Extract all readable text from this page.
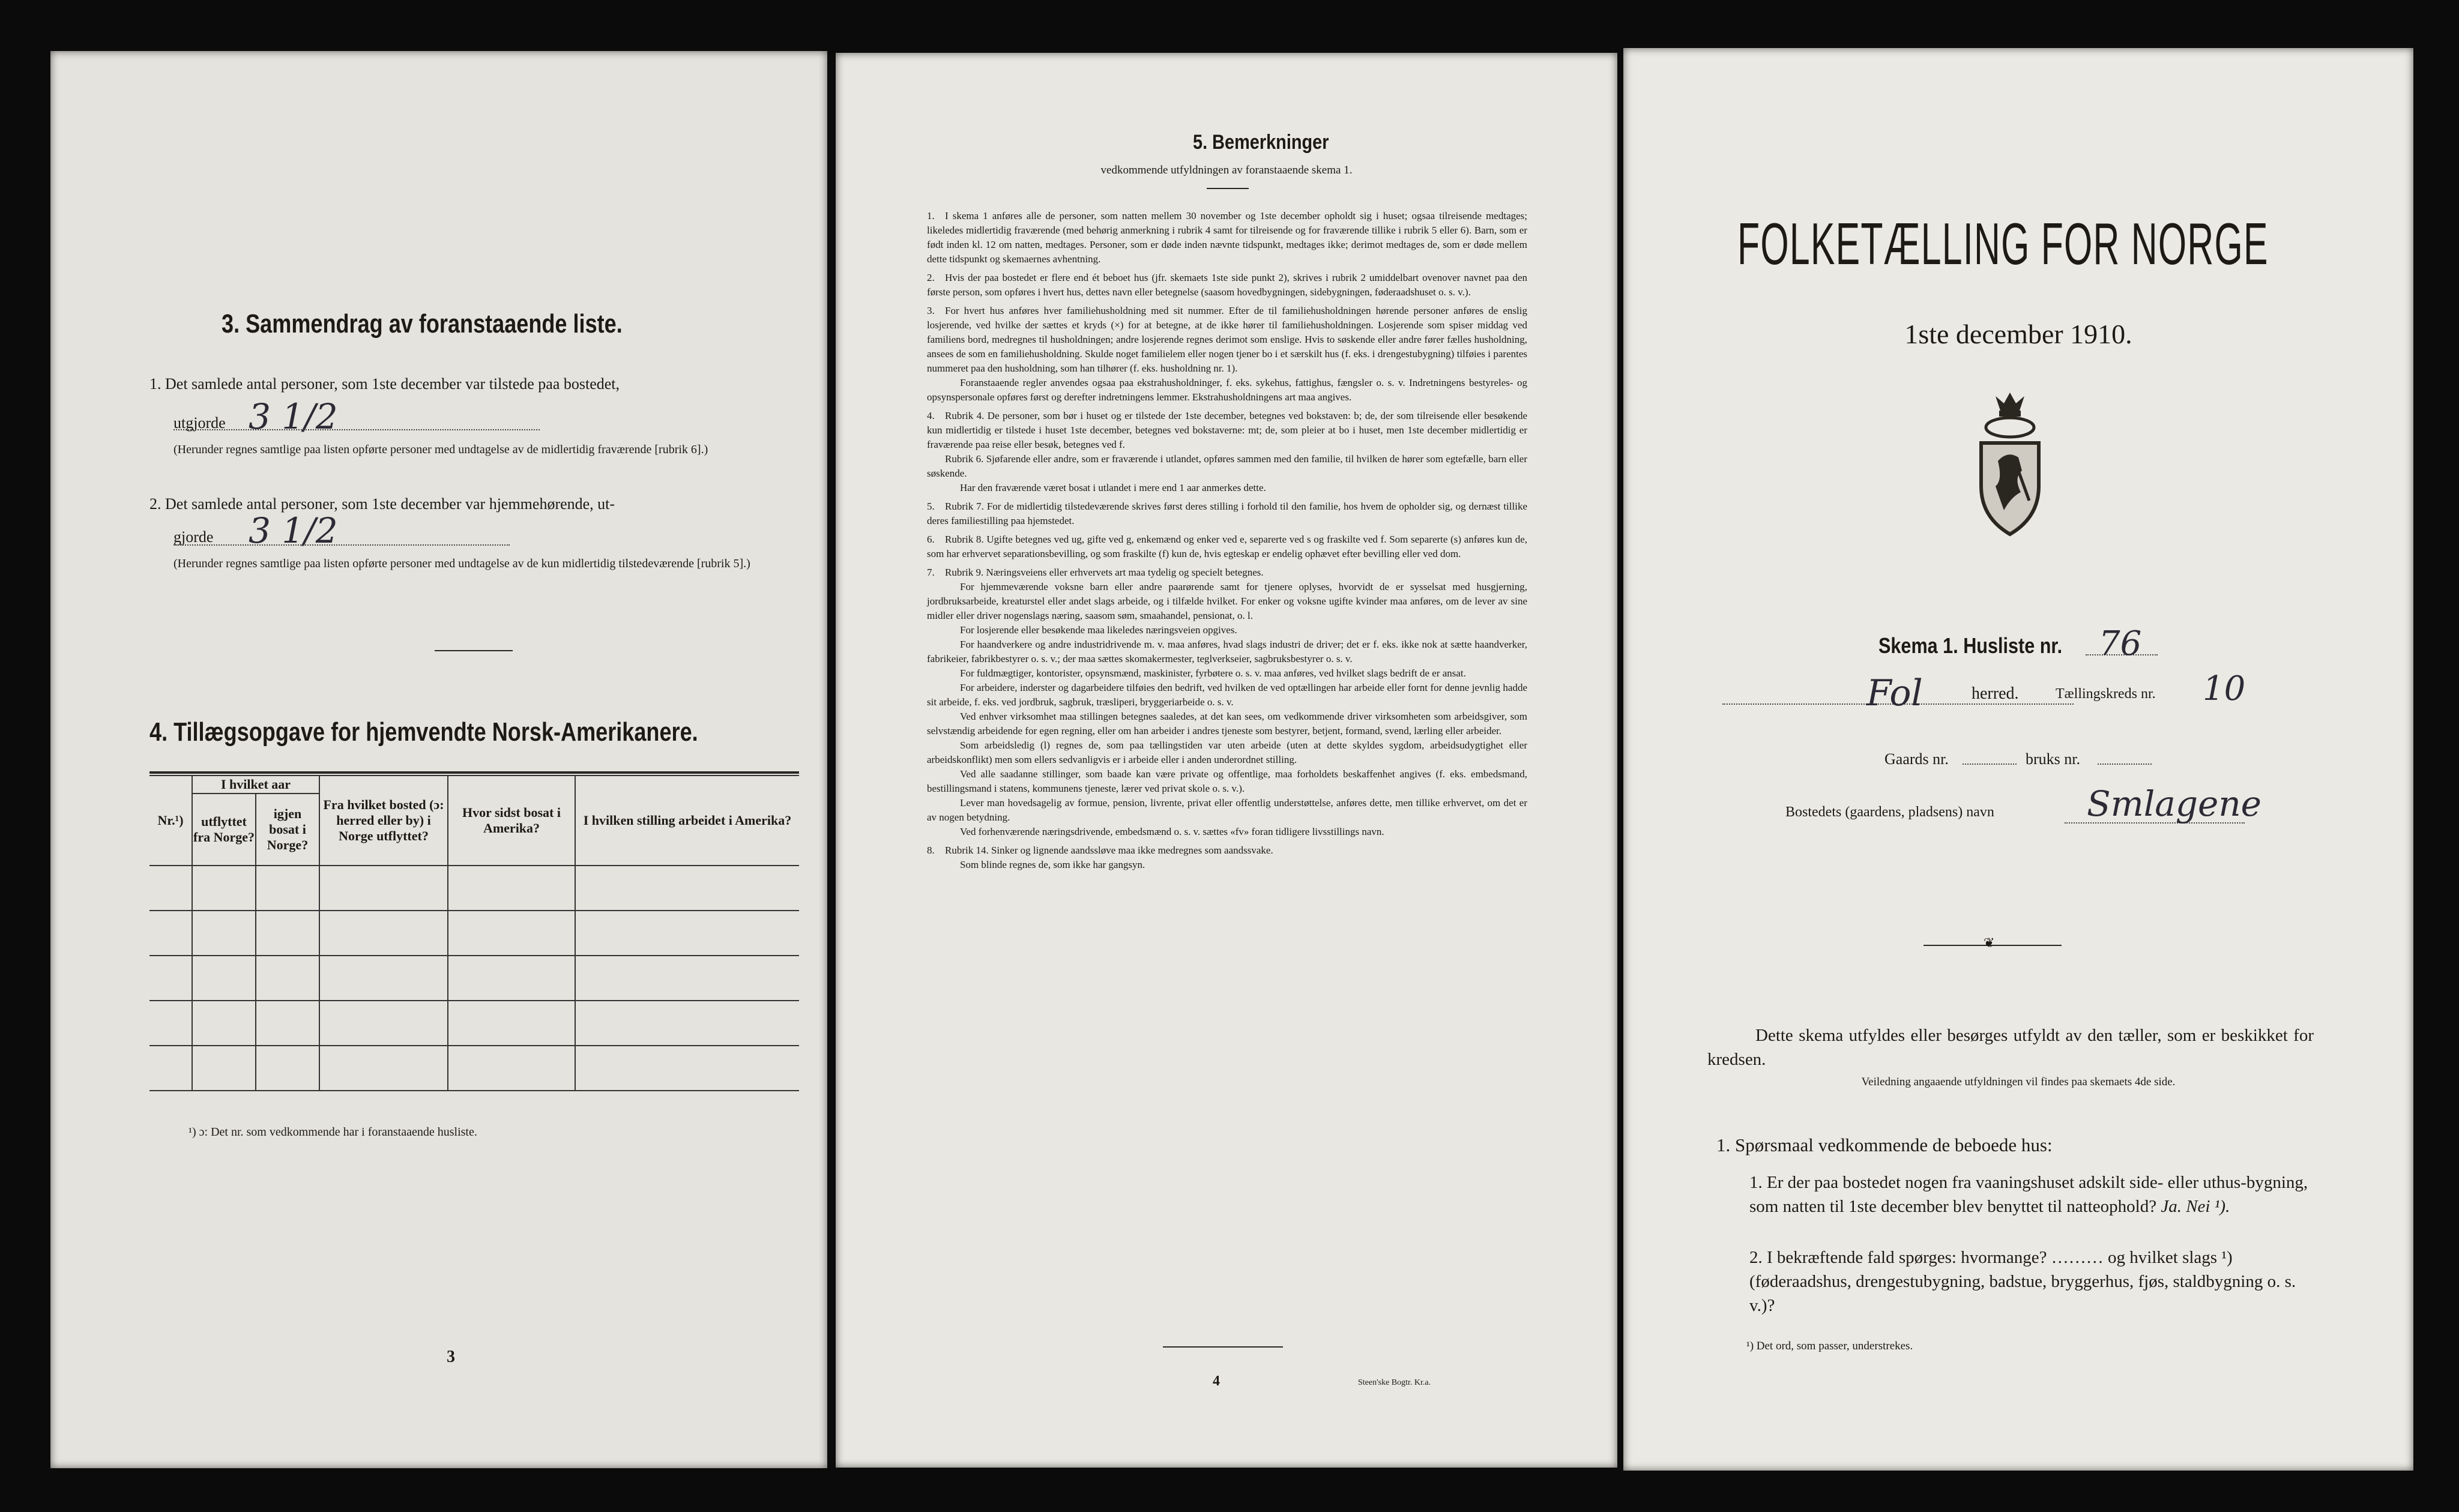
3. Sammendrag av foranstaaende liste.
1. Det samlede antal personer, som 1ste december var tilstede paa bostedet,
utgjorde 3 1/2
(Herunder regnes samtlige paa listen opførte personer med undtagelse av de midlertidig fraværende [rubrik 6].)
2. Det samlede antal personer, som 1ste december var hjemmehørende, ut-
gjorde 3 1/2
(Herunder regnes samtlige paa listen opførte personer med undtagelse av de kun midlertidig tilstedeværende [rubrik 5].)
4. Tillægsopgave for hjemvendte Norsk-Amerikanere.
Nr.¹)	I hvilket aar		Fra hvilket bosted (ɔ: herred eller by) i Norge utflyttet?	Hvor sidst bosat i Amerika?	I hvilken stilling arbeidet i Amerika?
	utflyttet fra Norge?	igjen bosat i Norge?			

¹) ɔ: Det nr. som vedkommende har i foranstaaende husliste.
3
5. Bemerkninger
vedkommende utfyldningen av foranstaaende skema 1.

1. I skema 1 anføres alle de personer, som natten mellem 30 november og 1ste december opholdt sig i huset; ogsaa tilreisende medtages; likeledes midlertidig fraværende (med behørig anmerkning i rubrik 4 samt for tilreisende og for fraværende tillike i rubrik 5 eller 6). Barn, som er født inden kl. 12 om natten, medtages. Personer, som er døde inden nævnte tidspunkt, medtages ikke; derimot medtages de, som er døde mellem dette tidspunkt og skemaernes avhentning.

2. Hvis der paa bostedet er flere end ét beboet hus (jfr. skemaets 1ste side punkt 2), skrives i rubrik 2 umiddelbart ovenover navnet paa den første person, som opføres i hvert hus, dettes navn eller betegnelse (saasom hovedbygningen, sidebygningen, føderaadshuset o. s. v.).

3. For hvert hus anføres hver familiehusholdning med sit nummer. Efter de til familiehusholdningen hørende personer anføres de enslig losjerende, ved hvilke der sættes et kryds (×) for at betegne, at de ikke hører til familiehusholdningen. Losjerende som spiser middag ved familiens bord, medregnes til husholdningen; andre losjerende regnes derimot som enslige. Hvis to søskende eller andre fører fælles husholdning, ansees de som en familiehusholdning. Skulde noget familielem eller nogen tjener bo i et særskilt hus (f. eks. i drengestubygning) tilføies i parentes nummeret paa den husholdning, som han tilhører (f. eks. husholdning nr. 1).

Foranstaaende regler anvendes ogsaa paa ekstrahusholdninger, f. eks. sykehus, fattighus, fængsler o. s. v. Indretningens bestyreles- og opsynspersonale opføres først og derefter indretningens lemmer. Ekstrahusholdningens art maa angives.

4. Rubrik 4. De personer, som bør i huset og er tilstede der 1ste december, betegnes ved bokstaven: b; de, der som tilreisende eller besøkende kun midlertidig er tilstede i huset 1ste december, betegnes ved bokstaverne: mt; de, som pleier at bo i huset, men 1ste december midlertidig er fraværende paa reise eller besøk, betegnes ved f.

Rubrik 6. Sjøfarende eller andre, som er fraværende i utlandet, opføres sammen med den familie, til hvilken de hører som egtefælle, barn eller søskende.

Har den fraværende været bosat i utlandet i mere end 1 aar anmerkes dette.

5. Rubrik 7. For de midlertidig tilstedeværende skrives først deres stilling i forhold til den familie, hos hvem de opholder sig, og dernæst tillike deres familiestilling paa hjemstedet.

6. Rubrik 8. Ugifte betegnes ved ug, gifte ved g, enkemænd og enker ved e, separerte ved s og fraskilte ved f. Som separerte (s) anføres kun de, som har erhvervet separationsbevilling, og som fraskilte (f) kun de, hvis egteskap er endelig ophævet efter bevilling eller ved dom.

7. Rubrik 9. Næringsveiens eller erhvervets art maa tydelig og specielt betegnes.

For hjemmeværende voksne barn eller andre paarørende samt for tjenere oplyses, hvorvidt de er sysselsat med husgjerning, jordbruksarbeide, kreaturstel eller andet slags arbeide, og i tilfælde hvilket. For enker og voksne ugifte kvinder maa anføres, om de lever av sine midler eller driver nogenslags næring, saasom søm, smaahandel, pensionat, o. l.

For losjerende eller besøkende maa likeledes næringsveien opgives.

For haandverkere og andre industridrivende m. v. maa anføres, hvad slags industri de driver; det er f. eks. ikke nok at sætte haandverker, fabrikeier, fabrikbestyrer o. s. v.; der maa sættes skomakermester, teglverkseier, sagbruksbestyrer o. s. v.

For fuldmægtiger, kontorister, opsynsmænd, maskinister, fyrbøtere o. s. v. maa anføres, ved hvilket slags bedrift de er ansat.

For arbeidere, inderster og dagarbeidere tilføies den bedrift, ved hvilken de ved optællingen har arbeide eller fornt for denne jevnlig hadde sit arbeide, f. eks. ved jordbruk, sagbruk, træsliperi, bryggeriarbeide o. s. v.

Ved enhver virksomhet maa stillingen betegnes saaledes, at det kan sees, om vedkommende driver virksomheten som arbeidsgiver, som selvstændig arbeidende for egen regning, eller om han arbeider i andres tjeneste som bestyrer, betjent, formand, svend, lærling eller arbeider.

Som arbeidsledig (l) regnes de, som paa tællingstiden var uten arbeide (uten at dette skyldes sygdom, arbeidsudygtighet eller arbeidskonflikt) men som ellers sedvanligvis er i arbeide eller i anden underordnet stilling.

Ved alle saadanne stillinger, som baade kan være private og offentlige, maa forholdets beskaffenhet angives (f. eks. embedsmand, bestillingsmand i statens, kommunens tjeneste, lærer ved privat skole o. s. v.).

Lever man hovedsagelig av formue, pension, livrente, privat eller offentlig understøttelse, anføres dette, men tillike erhvervet, om det er av nogen betydning.

Ved forhenværende næringsdrivende, embedsmænd o. s. v. sættes «fv» foran tidligere livsstillings navn.

8. Rubrik 14. Sinker og lignende aandssløve maa ikke medregnes som aandssvake.

Som blinde regnes de, som ikke har gangsyn.

4	Steen'ske Bogtr. Kr.a.
FOLKETÆLLING FOR NORGE
1ste december 1910.
Skema 1. Husliste nr. 76
Fol	herred.	Tællingskreds nr. 10
Gaards nr.	bruks nr.
Bostedets (gaardens, pladsens) navn	Smlagene
❦
Dette skema utfyldes eller besørges utfyldt av den tæller, som er beskikket for kredsen.
Veiledning angaaende utfyldningen vil findes paa skemaets 4de side.
1. Spørsmaal vedkommende de beboede hus:
1. Er der paa bostedet nogen fra vaaningshuset adskilt side- eller uthus-bygning, som natten til 1ste december blev benyttet til natteophold? Ja. Nei ¹).
2. I bekræftende fald spørges: hvormange? ……… og hvilket slags ¹) (føderaadshus, drengestubygning, badstue, bryggerhus, fjøs, staldbygning o. s. v.)?
¹) Det ord, som passer, understrekes.
